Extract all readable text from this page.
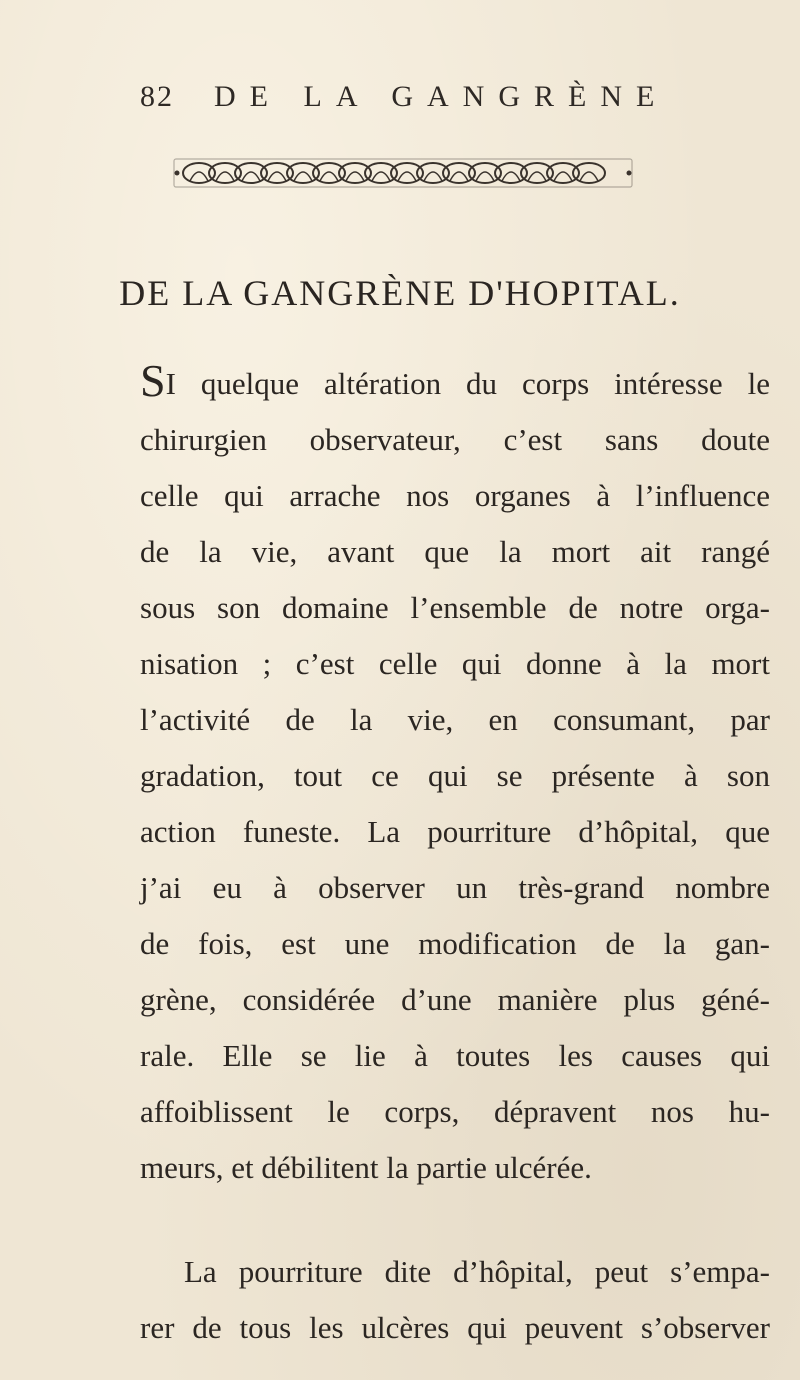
82 DE LA GANGRÈNE
DE LA GANGRÈNE D'HOPITAL.
SI quelque altération du corps intéresse le
chirurgien observateur, c’est sans doute
celle qui arrache nos organes à l’influence
de la vie, avant que la mort ait rangé
sous son domaine l’ensemble de notre orga-
nisation ; c’est celle qui donne à la mort
l’activité de la vie, en consumant, par
gradation, tout ce qui se présente à son
action funeste. La pourriture d’hôpital, que
j’ai eu à observer un très-grand nombre
de fois, est une modification de la gan-
grène, considérée d’une manière plus géné-
rale. Elle se lie à toutes les causes qui
affoiblissent le corps, dépravent nos hu-
meurs, et débilitent la partie ulcérée.
La pourriture dite d’hôpital, peut s’empa-
rer de tous les ulcères qui peuvent s’observer
